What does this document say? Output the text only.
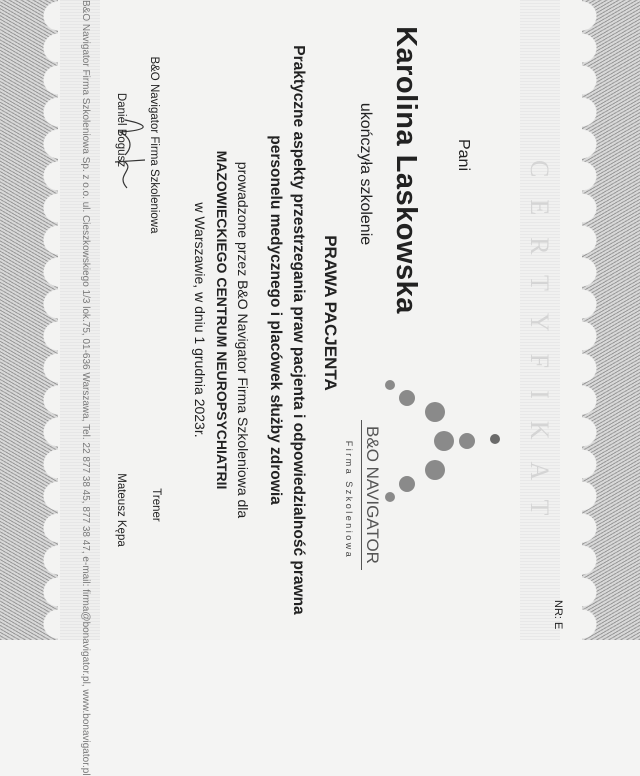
CERTYFIKAT
NR: E
Pani
Karolina Laskowska
ukończyła szkolenie
PRAWA PACJENTA
Praktyczne aspekty przestrzegania praw pacjenta i odpowiedzialność prawna
personelu medycznego i placówek służby zdrowia
prowadzone przez B&O Navigator Firma Szkoleniowa dla
MAZOWIECKIEGO CENTRUM NEUROPSYCHIATRII
w Warszawie, w dniu 1 grudnia 2023r.
B&O Navigator Firma Szkoleniowa
Daniel Bogusz
Trener
Mateusz Kępa
B&O Navigator Firma Szkoleniowa Sp. z o.o. ul. Cieszkowskiego 1/3 lok.75, 01-636 Warszawa, Tel. 22 877 38 45, 877 38 47, e-mail: firma@bonavigator.pl, www.bonavigator.pl	B&O NAVIGATOR
Firma Szkoleniowa
